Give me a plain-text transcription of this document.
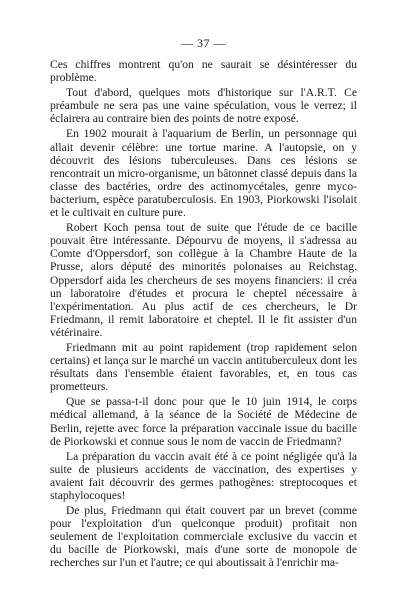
— 37 —

Ces chiffres montrent qu'on ne saurait se désintéresser du problème.

Tout d'abord, quelques mots d'historique sur l'A.R.T. Ce préambule ne sera pas une vaine spéculation, vous le verrez; il éclairera au contraire bien des points de notre exposé.

En 1902 mourait à l'aquarium de Berlin, un personnage qui allait devenir célèbre: une tortue marine. A l'autopsie, on y découvrit des lésions tuberculeuses. Dans ces lésions se rencontrait un micro-organisme, un bâtonnet classé depuis dans la classe des bactéries, ordre des actinomycétales, genre myco-bacterium, espèce paratuberculosis. En 1903, Piorkowski l'isolait et le cultivait en culture pure.

Robert Koch pensa tout de suite que l'étude de ce bacille pouvait être intéressante. Dépourvu de moyens, il s'adressa au Comte d'Oppersdorf, son collègue à la Chambre Haute de la Prusse, alors député des minorités polonaises au Reichstag. Oppersdorf aida les chercheurs de ses moyens financiers: il créa un laboratoire d'études et procura le cheptel nécessaire à l'expérimentation. Au plus actif de ces chercheurs, le Dr Friedmann, il remit laboratoire et cheptel. Il le fit assister d'un vétérinaire.

Friedmann mit au point rapidement (trop rapidement selon certains) et lança sur le marché un vaccin antituberculeux dont les résultats dans l'ensemble étaient favorables, et, en tous cas prometteurs.

Que se passa-t-il donc pour que le 10 juin 1914, le corps médical allemand, à la séance de la Société de Médecine de Berlin, rejette avec force la préparation vaccinale issue du bacille de Piorkowski et connue sous le nom de vaccin de Friedmann?

La préparation du vaccin avait été à ce point négligée qu'à la suite de plusieurs accidents de vaccination, des expertises y avaient fait découvrir des germes pathogènes: streptocoques et staphylocoques!

De plus, Friedmann qui était couvert par un brevet (comme pour l'exploitation d'un quelconque produit) profitait non seulement de l'exploitation commerciale exclusive du vaccin et du bacille de Piorkowski, mais d'une sorte de monopole de recherches sur l'un et l'autre; ce qui aboutissait à l'enrichir ma-
